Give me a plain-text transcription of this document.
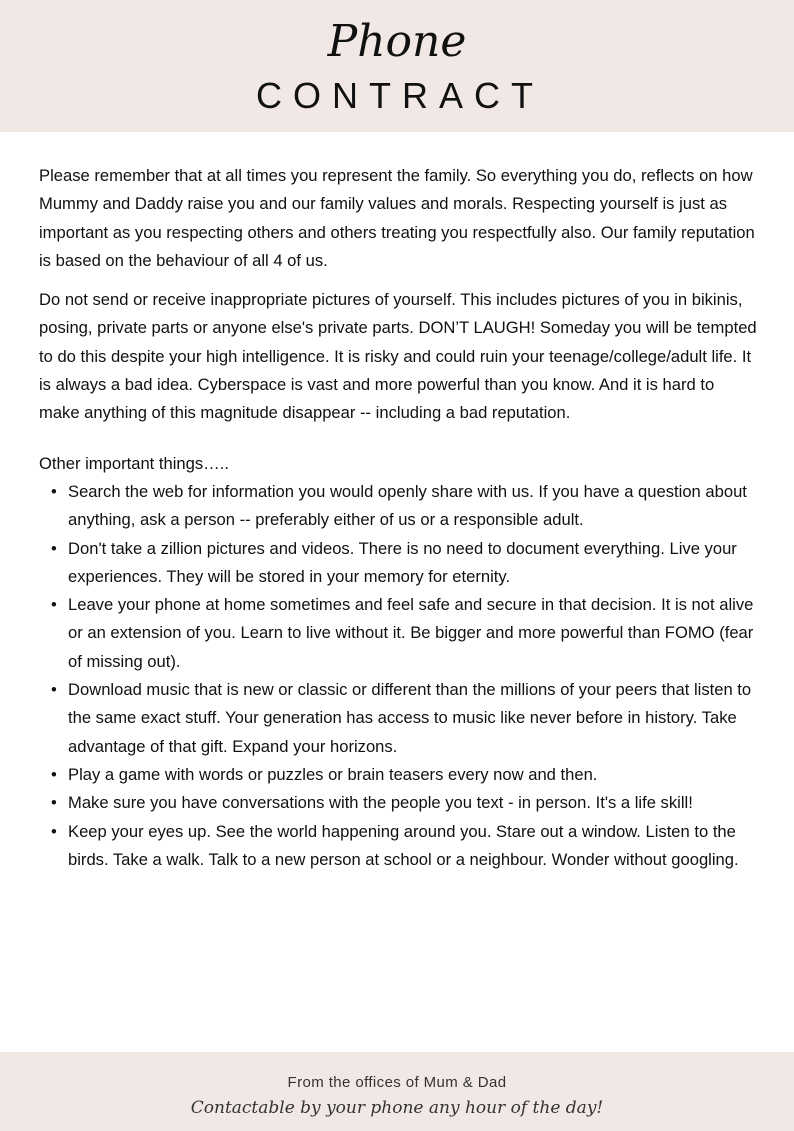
Phone
CONTRACT

Please remember that at all times you represent the family. So everything you do, reflects on how Mummy and Daddy raise you and our family values and morals. Respecting yourself is just as important as you respecting others and others treating you respectfully also. Our family reputation is based on the behaviour of all 4 of us.

Do not send or receive inappropriate pictures of yourself. This includes pictures of you in bikinis, posing, private parts or anyone else's private parts. DON’T LAUGH! Someday you will be tempted to do this despite your high intelligence. It is risky and could ruin your teenage/college/adult life. It is always a bad idea. Cyberspace is vast and more powerful than you know. And it is hard to make anything of this magnitude disappear -- including a bad reputation.

Other important things…..

• Search the web for information you would openly share with us. If you have a question about anything, ask a person -- preferably either of us or a responsible adult.
• Don't take a zillion pictures and videos. There is no need to document everything. Live your experiences. They will be stored in your memory for eternity.
• Leave your phone at home sometimes and feel safe and secure in that decision. It is not alive or an extension of you. Learn to live without it. Be bigger and more powerful than FOMO (fear of missing out).
• Download music that is new or classic or different than the millions of your peers that listen to the same exact stuff. Your generation has access to music like never before in history. Take advantage of that gift. Expand your horizons.
• Play a game with words or puzzles or brain teasers every now and then.
• Make sure you have conversations with the people you text - in person. It's a life skill!
• Keep your eyes up. See the world happening around you. Stare out a window. Listen to the birds. Take a walk. Talk to a new person at school or a neighbour. Wonder without googling.
From the offices of Mum & Dad
Contactable by your phone any hour of the day!
